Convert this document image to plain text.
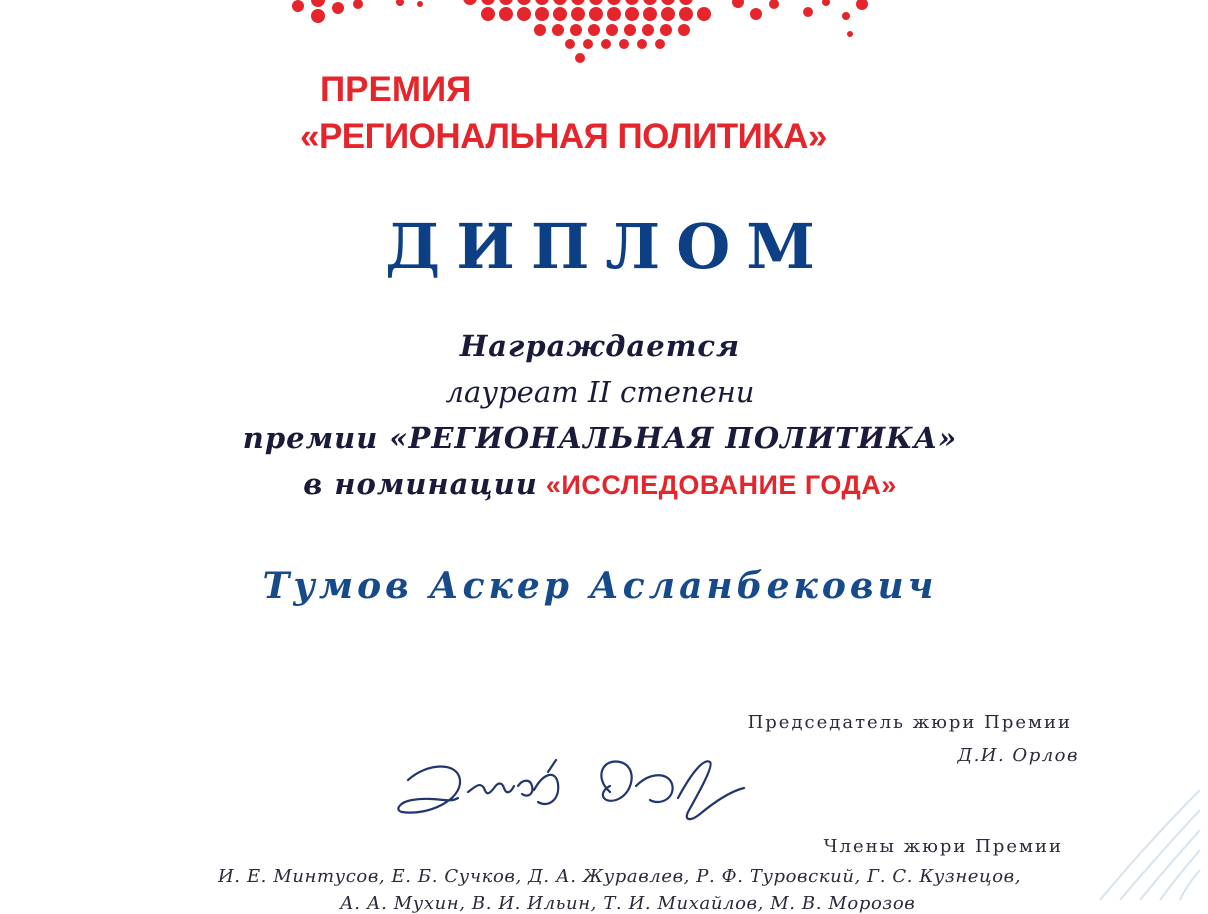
ПРЕМИЯ
«РЕГИОНАЛЬНАЯ ПОЛИТИКА»
ДИПЛОМ
Награждается
лауреат II степени
премии «РЕГИОНАЛЬНАЯ ПОЛИТИКА»
в номинации «ИССЛЕДОВАНИЕ ГОДА»
Тумов Аскер Асланбекович
Председатель жюри Премии
Д.И. Орлов
Члены жюри Премии
И. Е. Минтусов, Е. Б. Сучков, Д. А. Журавлев, Р. Ф. Туровский, Г. С. Кузнецов,
А. А. Мухин, В. И. Ильин, Т. И. Михайлов, М. В. Морозов
